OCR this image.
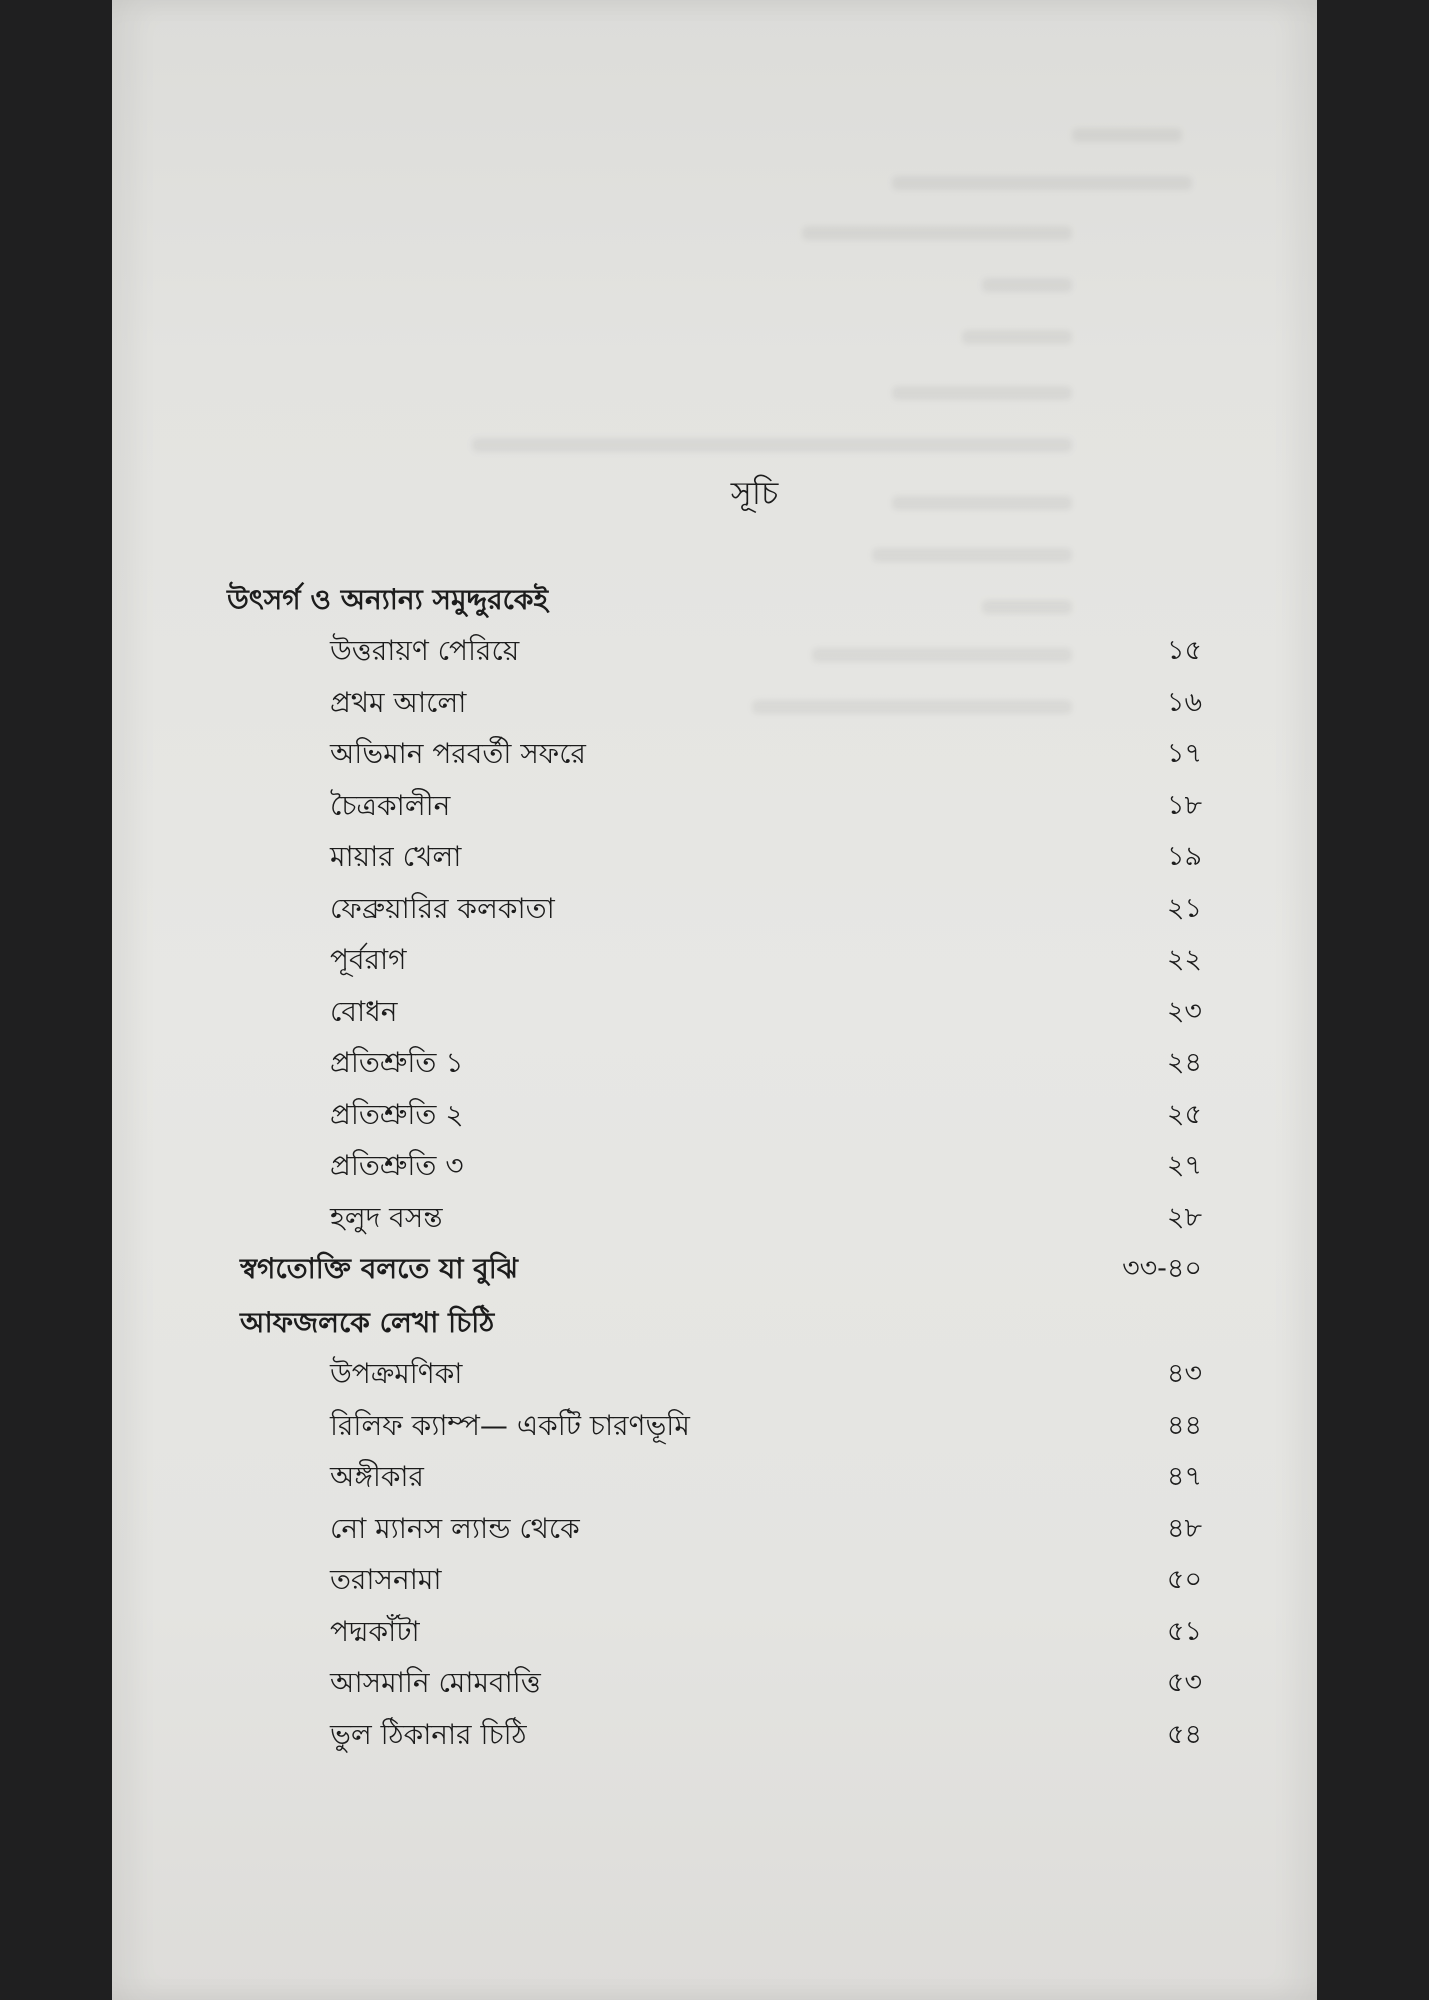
সূচি
উৎসর্গ ও অন্যান্য সমুদ্দুরকেই
উত্তরায়ণ পেরিয়ে	১৫
প্রথম আলো	১৬
অভিমান পরবর্তী সফরে	১৭
চৈত্রকালীন	১৮
মায়ার খেলা	১৯
ফেব্রুয়ারির কলকাতা	২১
পূর্বরাগ	২২
বোধন	২৩
প্রতিশ্রুতি ১	২৪
প্রতিশ্রুতি ২	২৫
প্রতিশ্রুতি ৩	২৭
হলুদ বসন্ত	২৮
স্বগতোক্তি বলতে যা বুঝি	৩৩-৪০
আফজলকে লেখা চিঠি
উপক্রমণিকা	৪৩
রিলিফ ক্যাম্প— একটি চারণভূমি	৪৪
অঙ্গীকার	৪৭
নো ম্যানস ল্যান্ড থেকে	৪৮
তরাসনামা	৫০
পদ্মকাঁটা	৫১
আসমানি মোমবাত্তি	৫৩
ভুল ঠিকানার চিঠি	৫৪
